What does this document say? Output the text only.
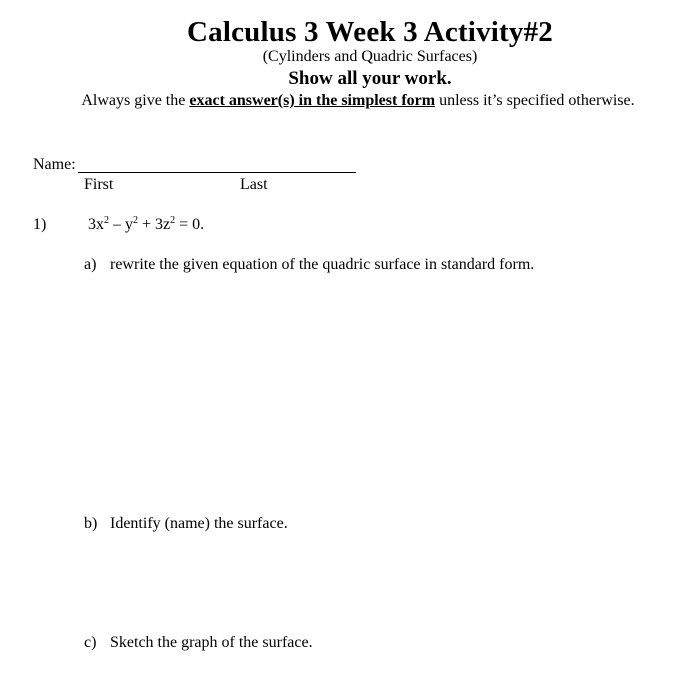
Calculus 3 Week 3 Activity#2
(Cylinders and Quadric Surfaces)
Show all your work.
Always give the exact answer(s) in the simplest form unless it’s specified otherwise.
Name:
First	Last
1)	$3x^2 - y^2 + 3z^2 = 0$.
a) rewrite the given equation of the quadric surface in standard form.
b) Identify (name) the surface.
c) Sketch the graph of the surface.
